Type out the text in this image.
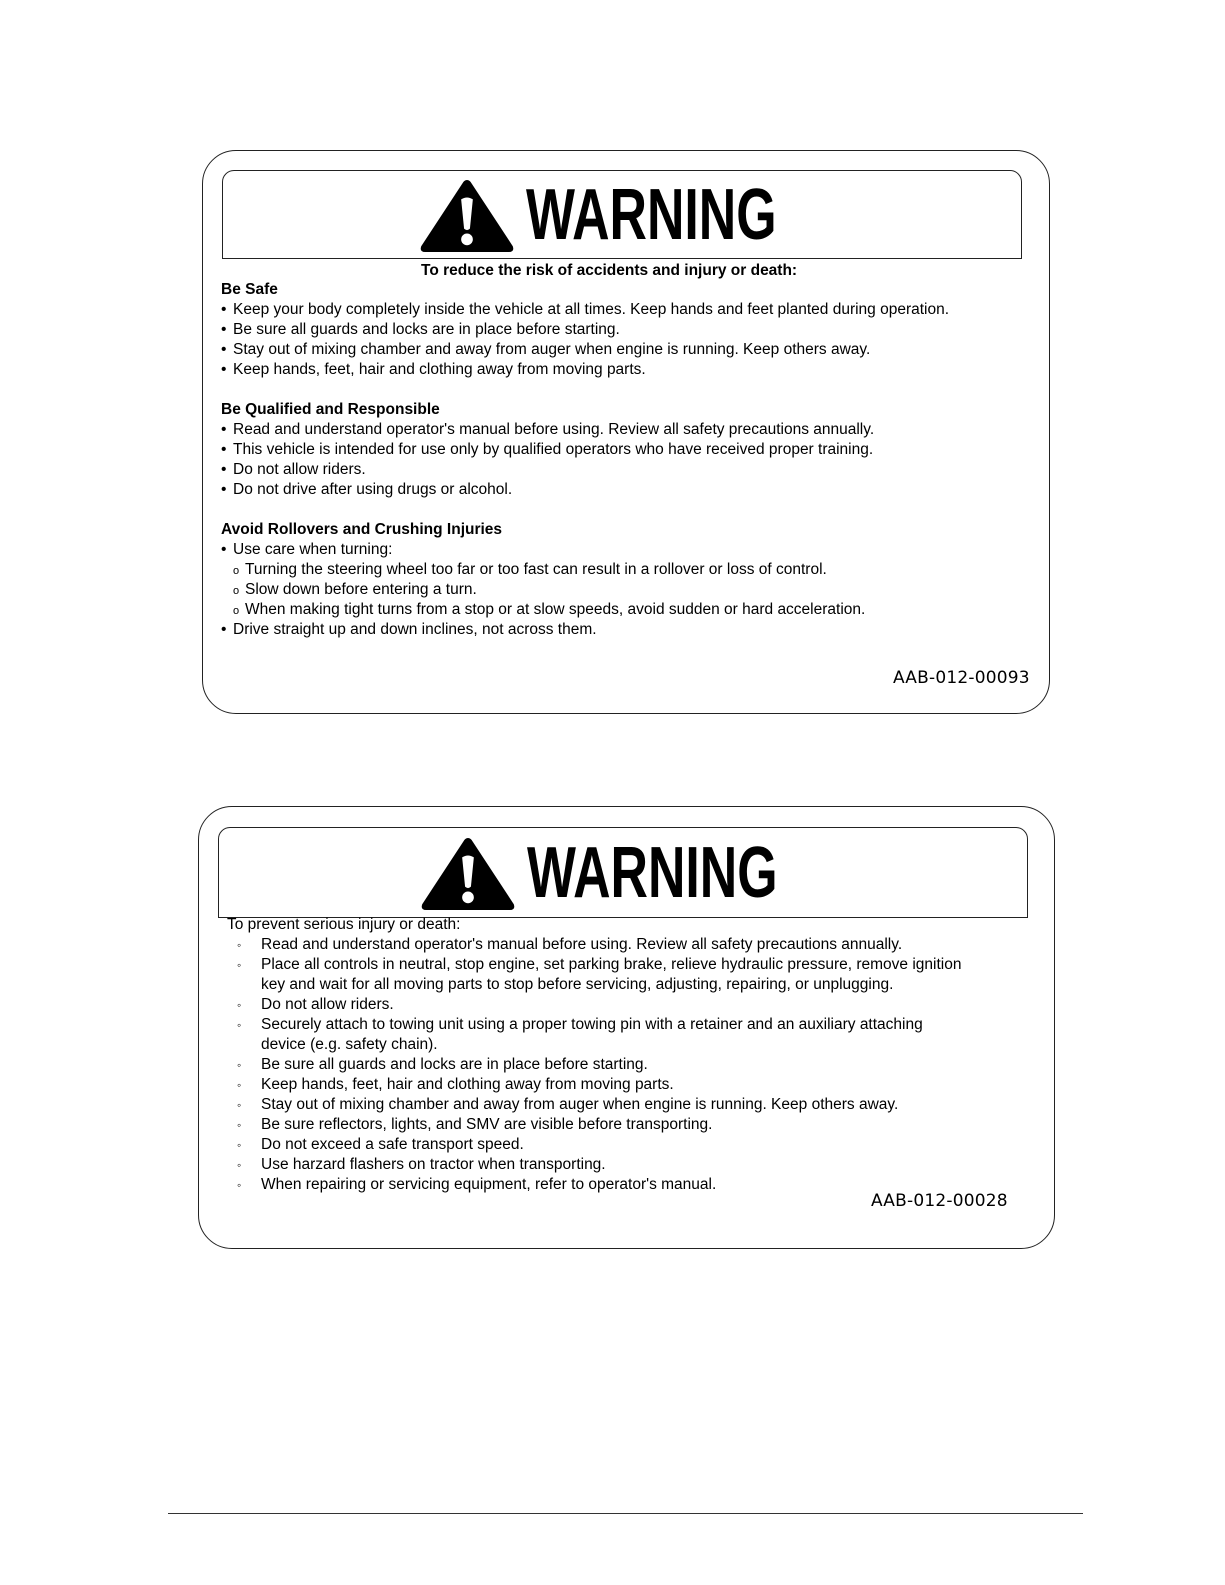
WARNING
To reduce the risk of accidents and injury or death:
Be Safe
• Keep your body completely inside the vehicle at all times. Keep hands and feet planted during operation.
• Be sure all guards and locks are in place before starting.
• Stay out of mixing chamber and away from auger when engine is running. Keep others away.
• Keep hands, feet, hair and clothing away from moving parts.
Be Qualified and Responsible
• Read and understand operator's manual before using. Review all safety precautions annually.
• This vehicle is intended for use only by qualified operators who have received proper training.
• Do not allow riders.
• Do not drive after using drugs or alcohol.
Avoid Rollovers and Crushing Injuries
• Use care when turning:
o Turning the steering wheel too far or too fast can result in a rollover or loss of control.
o Slow down before entering a turn.
o When making tight turns from a stop or at slow speeds, avoid sudden or hard acceleration.
• Drive straight up and down inclines, not across them.
AAB-012-00093
WARNING
To prevent serious injury or death:
◦ Read and understand operator's manual before using. Review all safety precautions annually.
◦ Place all controls in neutral, stop engine, set parking brake, relieve hydraulic pressure, remove ignition
key and wait for all moving parts to stop before servicing, adjusting, repairing, or unplugging.
◦ Do not allow riders.
◦ Securely attach to towing unit using a proper towing pin with a retainer and an auxiliary attaching
device (e.g. safety chain).
◦ Be sure all guards and locks are in place before starting.
◦ Keep hands, feet, hair and clothing away from moving parts.
◦ Stay out of mixing chamber and away from auger when engine is running. Keep others away.
◦ Be sure reflectors, lights, and SMV are visible before transporting.
◦ Do not exceed a safe transport speed.
◦ Use harzard flashers on tractor when transporting.
◦ When repairing or servicing equipment, refer to operator's manual.
AAB-012-00028
